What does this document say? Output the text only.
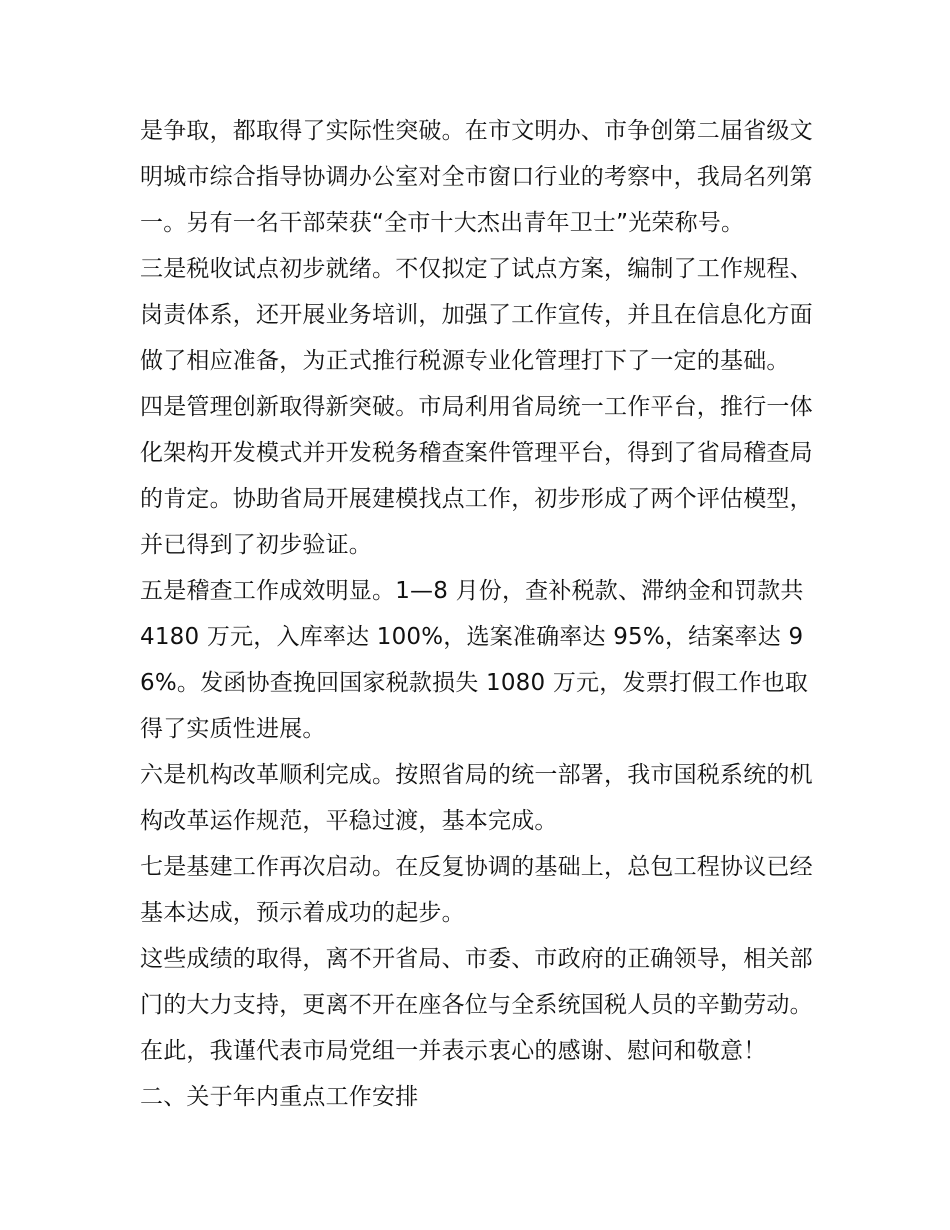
是争取，都取得了实际性突破。在市文明办、市争创第二届省级文明城市综合指导协调办公室对全市窗口行业的考察中，我局名列第一。另有一名干部荣获“全市十大杰出青年卫士”光荣称号。

三是税收试点初步就绪。不仅拟定了试点方案，编制了工作规程、岗责体系，还开展业务培训，加强了工作宣传，并且在信息化方面做了相应准备，为正式推行税源专业化管理打下了一定的基础。

四是管理创新取得新突破。市局利用省局统一工作平台，推行一体化架构开发模式并开发税务稽查案件管理平台，得到了省局稽查局的肯定。协助省局开展建模找点工作，初步形成了两个评估模型，并已得到了初步验证。

五是稽查工作成效明显。1—8 月份，查补税款、滞纳金和罚款共 4180 万元，入库率达 100%，选案准确率达 95%，结案率达 96%。发函协查挽回国家税款损失 1080 万元，发票打假工作也取得了实质性进展。

六是机构改革顺利完成。按照省局的统一部署，我市国税系统的机构改革运作规范，平稳过渡，基本完成。

七是基建工作再次启动。在反复协调的基础上，总包工程协议已经基本达成，预示着成功的起步。

这些成绩的取得，离不开省局、市委、市政府的正确领导，相关部门的大力支持，更离不开在座各位与全系统国税人员的辛勤劳动。在此，我谨代表市局党组一并表示衷心的感谢、慰问和敬意！

二、关于年内重点工作安排
